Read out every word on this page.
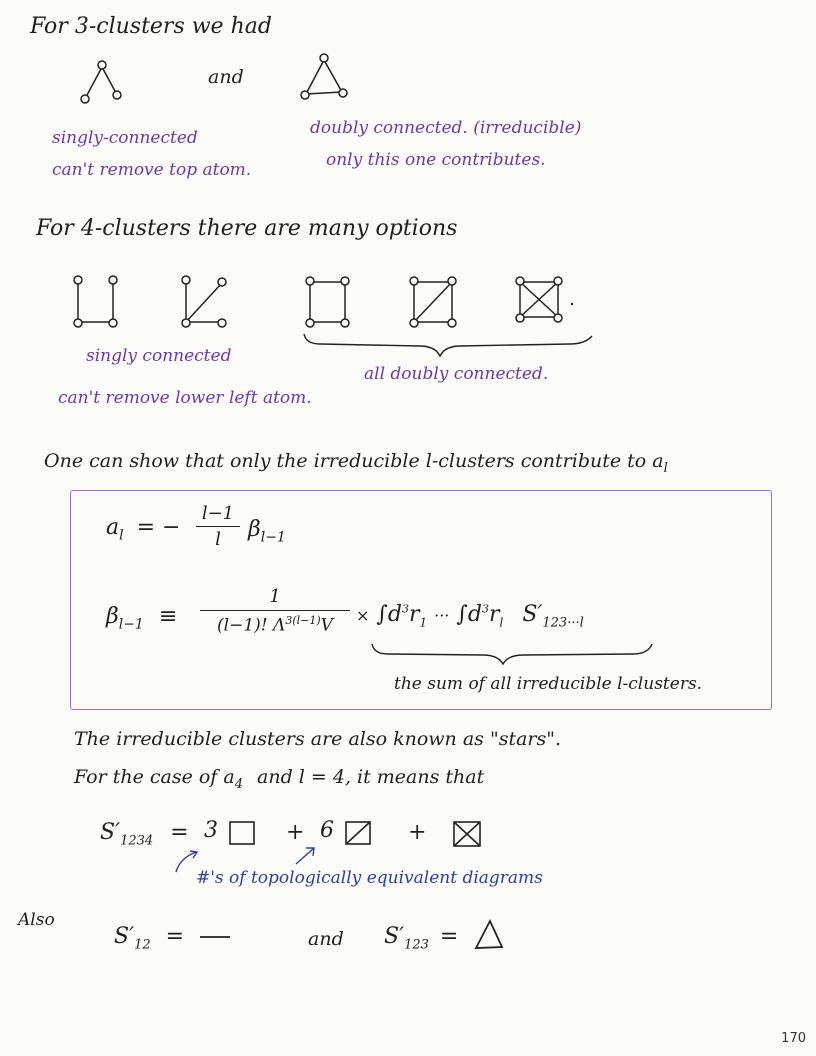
For 3-clusters we had
and
singly-connected
can't remove top atom.
doubly connected. (irreducible)
only this one contributes.
For 4-clusters there are many options
singly connected
can't remove lower left atom.
all doubly connected.
One can show that only the irreducible l-clusters contribute to $a_l$
$a_l$ = − $\frac{l-1}{l} \beta_{l-1}$
$\beta_{l-1} \equiv \frac{1}{(l-1)! \Lambda^{3(l-1)}V} \times \int d^3r_1$ ··· $\int d^3r_l$ $S'_{123\cdot\cdot\cdot l}$
the sum of all irreducible l-clusters.
The irreducible clusters are also known as "stars".
For the case of $a_4$ and l = 4, it means that
$S'_{1234} = 3$	+ 6	+
#'s of topologically equivalent diagrams
Also
$S'_{12}$ =	and $S'_{123}$ =
170
